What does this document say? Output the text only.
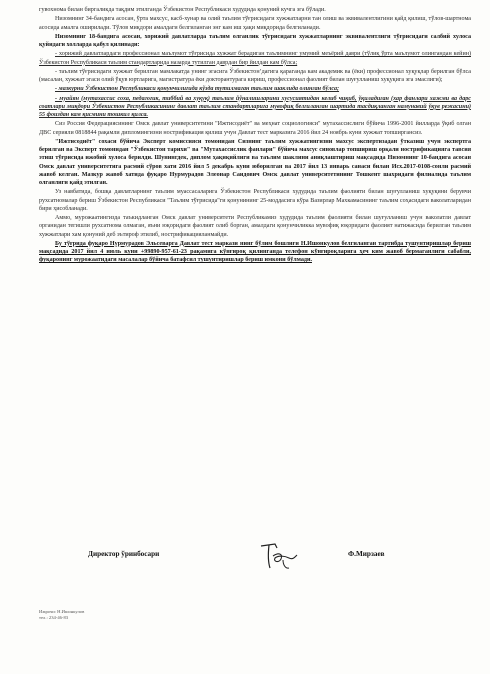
гувохнома билан биргаликда тақдим этилганда Ўзбекистон Республикаси худудида қонуний кучга эга бўлади.

Низомнинг 34-бандига асосан, ўрта махсус, касб-хунар ва олий таълим тўғрисидаги хужжатларни тан олиш ва эквивалентлигини қайд қилиш, тўлов-шартнома асосида амалга оширилади. Тўлов миқдори амалдаги белгиланган энг кам иш ҳақи миқдорида белгиланади.

Низомнинг 18-бандига асосан, хорижий давлатларда таълим олганлик тўғрисидаги хужжатларнинг эквивалентлиги тўғрисидаги салбий хулоса қуйидаги холларда қабул қилинади:

- хорижий давлатлардаги профессионал маълумот тўғрисида хужжат берадиган таълимнинг умумий меъёрий даври (тўлиқ ўрта маълумот олингандан кейин) Ўзбекистон Республикаси таълим стандартларида назарда тутилган даврдан бир йилдан кам бўлса;

- таълим тўғрисидаги хужжат берилган мамлакатда унинг эгасига Ўзбекистон’дагига қараганда кам академик ва (ёки) профессионал хуқуқлар берилган бўлса (масалан, хужжат эгаси олий ўқув юртларига, магистратура ёки докторантурага кириш, профессионал фаолият билан шуғулланиш хуқуқига эга эмаслиги);

- мазкурни Ўзбекистон Республикаси қонунчилигида кўзда тутилмаган таълим шаклида олинган бўлса;

- муайян (мутахассис соха, педагогик, тиббий ва хуқуқ) таълим йўналишларини хусусиятидан келиб чиқиб, ўқиладиган (хар фанлари хажми ва дарс соатлари миқдори Ўзбекистон Республикасининг давлат таълим стандартларига мувофиқ белгиланган шартида тасдиқланган намунавий ўқув режасини) 55 фоиздан кам қисмини тошкил қилса.

Сиз Россия Федерациясининг Омск давлат университетини "Ижтисодиёт" ва меҳнат социологияси" мутахассислиги бўйича 1996-2001 йилларда ўқиб олган ДВС серияли 0818844 рақамли дипломингизни нострификация қилиш учун Давлат тест марказига 2016 йил 24 ноябрь куни хужжат топширгансиз.

"Ижтисодиёт" сохаси бўйича Эксперт комиссияси томонидан Сизнинг таълим хужжатингизни махсус экспертизадан ўтказиш учун экспертга берилган ва Эксперт томонидан "Ўзбекистон тарихи" ва "Мутахассислик фанлари" бўйича махсус синовлар топшириш орқали нострификацияга тавсия этиш тўғрисида ижобий хулоса берилди. Шунингдек, диплом ҳақиқийлиги ва таълим шаклини аниқлаштириш мақсадида Низомнинг 10-бандига асосан Омск давлат университетига расмий сўров хати 2016 йил 5 декабрь куни юборилган ва 2017 йил 13 январь санаси билан Исх.2017-0108-сонли расмий жавоб келган. Мазкур жавоб хатида фуқаро Нурмурадов Элеонар Саидович Омск давлат университетининг Тошкент шахридаги филиалида таълим олганлиги қайд этилган.

Уз навбатида, бошқа давлатларнинг таълим муассасаларига Ўзбекистон Республикаси худудида таълим фаолияти билан шуғулланиш хуқуқини берувчи рухсатномалар бериш Ўзбекистон Республикаси "Таълим тўғрисида"ги қонунининг 25-моддасига кўра Вазирлар Махкамасининг таълим соҳасидаги ваколатларидан бири ҳисобланади.

Аммо, мурожаатингизда таъкидланган Омск давлат университети Республикамиз худудида таълим фаолияти билан шуғулланиш учун ваколатли давлат органидан тегишли рухсатнома олмаган, яъни юқоридаги фаолият олиб борган, амалдаги қонунчиликка мувофиқ юқоридаги фаолият натижасида берилган таълим хужжатлари хам қонуний деб эътироф этилиб, нострификацияланмайди.

Бу тўғрида фуқаро Нурмурадов Эльсеварга Давлат тест маркази нинг бўлим бошлиғи Н.Ишонкулов белгиланган тартибда тушунтиришлар бериш мақсадида 2017 йил 4 июль куни +99890-957-61-23 рақамига кўнғироқ қилинганда телефон кўнғироқларига ҳеч ким жавоб бермаганлиги сабабли, фуқаронинг мурожаатидаги масалалар бўйича батафсил тушунтиришлар бериш имкони бўлмади.

Директор ўринбосари	Ф.Мирзаев
Ижрочи: Н.Ишонкулов
тел.: 234-46-83
